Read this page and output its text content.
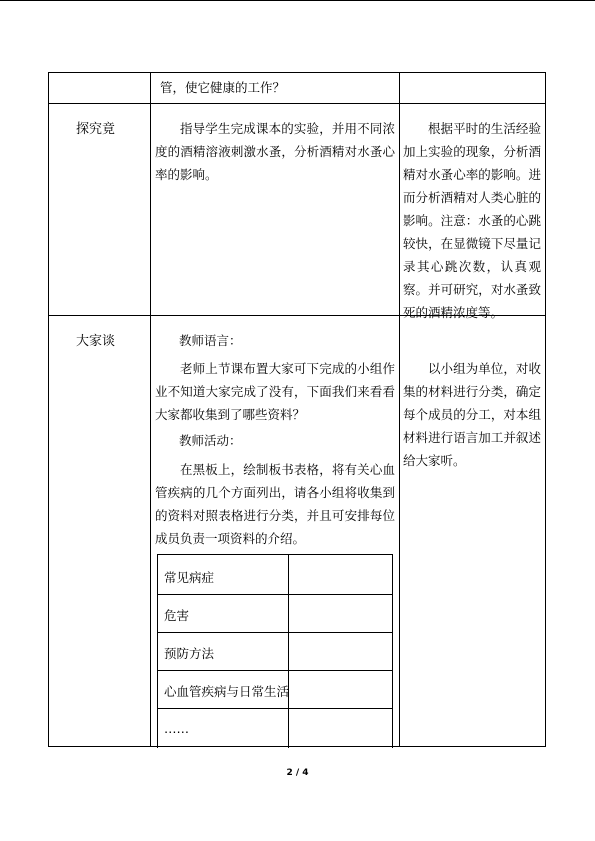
管，使它健康的工作？
探究竟	指导学生完成课本的实验，并用不同浓度的酒精溶液刺激水蚤，分析酒精对水蚤心率的影响。
根据平时的生活经验加上实验的现象，分析酒精对水蚤心率的影响。进而分析酒精对人类心脏的影响。注意：水蚤的心跳较快，在显微镜下尽量记录其心跳次数，认真观察。并可研究，对水蚤致死的酒精浓度等。
大家谈	教师语言：
老师上节课布置大家可下完成的小组作业不知道大家完成了没有，下面我们来看看大家都收集到了哪些资料？
教师活动：
在黑板上，绘制板书表格，将有关心血管疾病的几个方面列出，请各小组将收集到的资料对照表格进行分类，并且可安排每位成员负责一项资料的介绍。
以小组为单位，对收集的材料进行分类，确定每个成员的分工，对本组材料进行语言加工并叙述给大家听。
常见病症
危害
预防方法
心血管疾病与日常生活
……
2 / 4
